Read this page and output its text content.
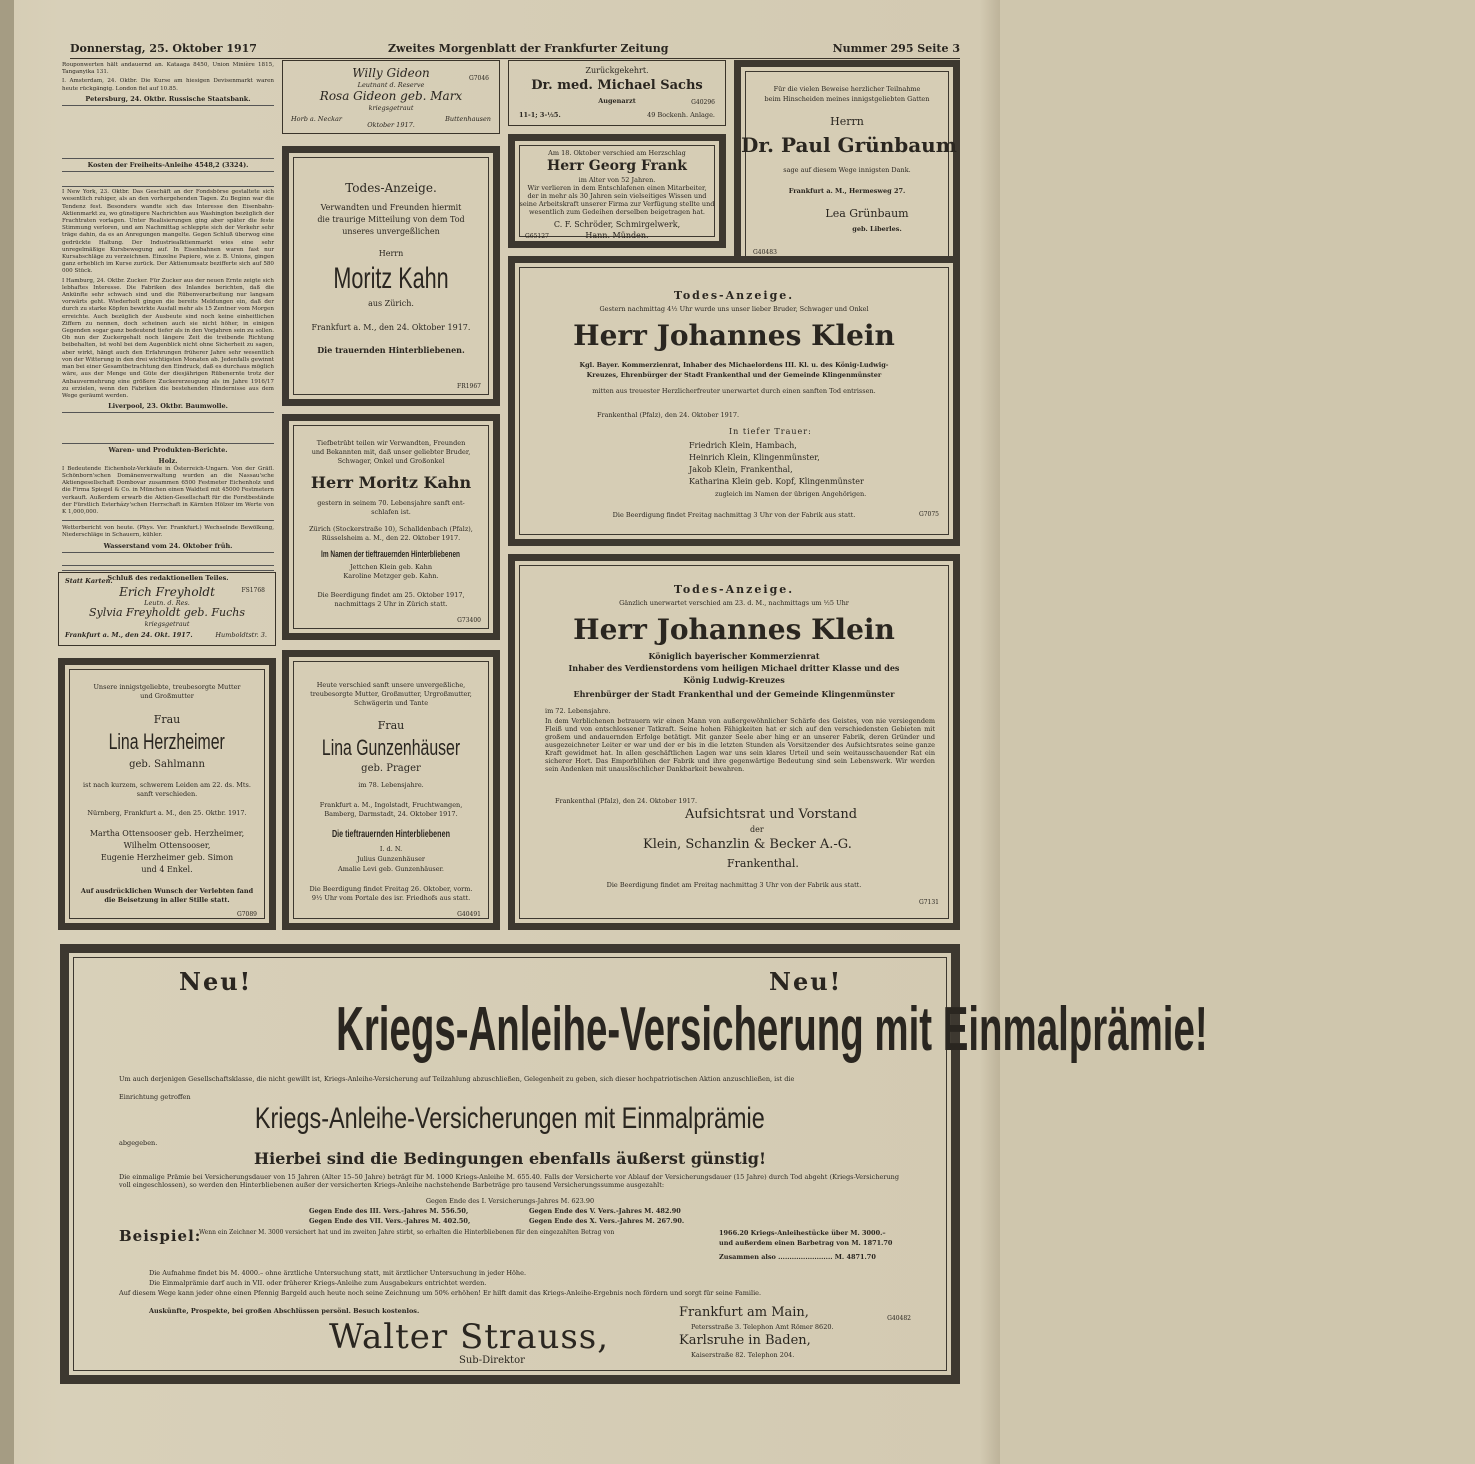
Donnerstag, 25. Oktober 1917	Zweites Morgenblatt der Frankfurter Zeitung	Nummer 295 Seite 3

Rouponwerten hält andauernd an. Kataaga 8450, Union Minière 1815, Tanganyika 131.

I. Amsterdam, 24. Oktbr. Die Kurse am hiesigen Devisenmarkt waren heute rückgängig. London fiel auf 10.85.

Petersburg, 24. Oktbr. Russische Staatsbank.

Kosten der Freiheits-Anleihe 4548,2 (3324).

I New York, 23. Oktbr. Das Geschäft an der Fondsbörse gestaltete sich wesentlich ruhiger, als an den vorhergehenden Tagen. Zu Beginn war die Tendenz fest. Besonders wandte sich das Interesse den Eisenbahn-Aktienmarkt zu, wo günstigere Nachrichten aus Washington bezüglich der Frachtraten vorlagen. Unter Realisierungen ging aber später die feste Stimmung verloren, und am Nachmittag schleppte sich der Verkehr sehr träge dahin, da es an Anregungen mangelte. Gegen Schluß überwog eine gedrückte Haltung. Der Industriealktienmarkt wies eine sehr unregelmäßige Kursbewegung auf. In Eisenbahnen waren fast nur Kursabschläge zu verzeichnen. Einzelne Papiere, wie z. B. Unions, gingen ganz erheblich im Kurse zurück. Der Aktienumsatz bezifferte sich auf 580 000 Stück.

I Hamburg, 24. Oktbr. Zucker. Für Zucker aus der neuen Ernte zeigte sich lebhaftes Interesse. Die Fabriken des Inlandes berichten, daß die Ankünfte sehr schwach sind und die Rübenverarbeitung nur langsam vorwärts geht. Wiederholt gingen die bereits Meldungen ein, daß der durch zu starke Köpfen bewirkte Ausfall mehr als 15 Zentner vom Morgen erreichte. Auch bezüglich der Ausbeute sind noch keine einheitlichen Ziffern zu nennen, doch scheinen auch sie nicht höher, in einigen Gegenden sogar ganz bedeutend tiefer als in den Vorjahren sein zu sollen. Ob nun der Zuckergehalt noch längere Zeit die treibende Richtung beibehalten, ist wohl bei dem Augenblick nicht ohne Sicherheit zu sagen, aber wirkt, hängt auch den Erfahrungen früherer Jahre sehr wesentlich von der Witterung in den drei wichtigsten Monaten ab. Jedenfalls gewinnt man bei einer Gesamtbetrachtung den Eindruck, daß es durchaus möglich wäre, aus der Menge und Güte der diesjährigen Rübenernte trotz der Anbauvermehrung eine größere Zuckererzeugung als im Jahre 1916/17 zu erzielen, wenn den Fabriken die bestehenden Hindernisse aus dem Wege geräumt werden.

Liverpool, 23. Oktbr. Baumwolle.

Waren- und Produkten-Berichte.

Holz.

I Bedeutende Eichenholz-Verkäufe in Österreich-Ungarn. Von der Gräfl. Schönborn'schen Domänenverwaltung wurden an die Nassau'sche Aktiengesellschaft Dombovar zusammen 6500 Festmeter Eichenholz und die Firma Spiegel & Co. in München einen Waldteil mit 45000 Festmetern verkauft. Außerdem erwarb die Aktien-Gesellschaft für die Forstbestände der Fürstlich Esterházy'schen Herrschaft in Kärnten Hölzer im Werte von K 1,000,000.

Wetterbericht von heute. (Phys. Ver. Frankfurt.) Wechselnde Bewölkung, Niederschläge in Schauern, kühler.

Wasserstand vom 24. Oktober früh.

Schluß des redaktionellen Teiles.

Willy Gideon
Leutnant d. Reserve
Rosa Gideon geb. Marx
kriegsgetraut
Horb a. Neckar
Oktober 1917.
Buttenhausen
G7046
Zurückgekehrt.
Dr. med. Michael Sachs
Augenarzt
11-1; 3-½5.	49 Bockenh. Anlage.
G40296
Für die vielen Beweise herzlicher Teilnahme
beim Hinscheiden meines innigstgeliebten Gatten
Herrn
Dr. Paul Grünbaum
sage auf diesem Wege innigsten Dank.
Frankfurt a. M., Hermesweg 27.
Lea Grünbaum
geb. Liberles.
G40483
Am 18. Oktober verschied am Herzschlag
Herr Georg Frank
im Alter von 52 Jahren.
Wir verlieren in dem Entschlafenen einen Mitarbeiter,
der in mehr als 30 Jahren sein vielseitiges Wissen und
seine Arbeitskraft unserer Firma zur Verfügung stellte und
wesentlich zum Gedeihen derselben beigetragen hat.
C. F. Schröder, Schmirgelwerk,
Hann. Münden.
G65127
Todes-Anzeige.
Verwandten und Freunden hiermit
die traurige Mitteilung von dem Tod
unseres unvergeßlichen
Herrn
Moritz Kahn
aus Zürich.
Frankfurt a. M., den 24. Oktober 1917.
Die trauernden Hinterbliebenen.
FR1967
Todes-Anzeige.
Gestern nachmittag 4½ Uhr wurde uns unser lieber Bruder, Schwager und Onkel
Herr Johannes Klein
Kgl. Bayer. Kommerzienrat, Inhaber des Michaelordens III. Kl. u. des König-Ludwig-
Kreuzes, Ehrenbürger der Stadt Frankenthal und der Gemeinde Klingenmünster
mitten aus treuester Herzlicherfreuter unerwartet durch einen sanften Tod entrissen.
Frankenthal (Pfalz), den 24. Oktober 1917.
In tiefer Trauer:
Friedrich Klein, Hambach,
Heinrich Klein, Klingenmünster,
Jakob Klein, Frankenthal,
Katharina Klein geb. Kopf, Klingenmünster
zugleich im Namen der übrigen Angehörigen.
Die Beerdigung findet Freitag nachmittag 3 Uhr von der Fabrik aus statt.	G7075
Tiefbetrübt teilen wir Verwandten, Freunden
und Bekannten mit, daß unser geliebter Bruder,
Schwager, Onkel und Großonkel
Herr Moritz Kahn
gestern in seinem 70. Lebensjahre sanft ent-
schlafen ist.
Zürich (Stockerstraße 10), Schalldenbach (Pfalz),
Rüsselsheim a. M., den 22. Oktober 1917.
Im Namen der tieftrauernden Hinterbliebenen
Jettchen Klein geb. Kahn
Karoline Metzger geb. Kahn.
Die Beerdigung findet am 25. Oktober 1917,
nachmittags 2 Uhr in Zürich statt.
G73400
Statt Karten.
Erich Freyholdt
Leutn. d. Res.
Sylvia Freyholdt geb. Fuchs
kriegsgetraut
Frankfurt a. M., den 24. Okt. 1917.	Humboldtstr. 3.
FS1768
Unsere innigstgeliebte, treubesorgte Mutter
und Großmutter
Frau
Lina Herzheimer
geb. Sahlmann
ist nach kurzem, schwerem Leiden am 22. ds. Mts.
sanft verschieden.
Nürnberg, Frankfurt a. M., den 25. Oktbr. 1917.
Martha Ottensooser geb. Herzheimer,
Wilhelm Ottensooser,
Eugenie Herzheimer geb. Simon
und 4 Enkel.
Auf ausdrücklichen Wunsch der Verlebten fand
die Beisetzung in aller Stille statt.
G7089
Heute verschied sanft unsere unvergeßliche,
treubesorgte Mutter, Großmutter, Urgroßmutter,
Schwägerin und Tante
Frau
Lina Gunzenhäuser
geb. Prager
im 78. Lebensjahre.
Frankfurt a. M., Ingolstadt, Fruchtwangen,
Bamberg, Darmstadt, 24. Oktober 1917.
Die tieftrauernden Hinterbliebenen
I. d. N.
Julius Gunzenhäuser
Amalie Levi geb. Gunzenhäuser.
Die Beerdigung findet Freitag 26. Oktober, vorm.
9½ Uhr vom Portale des isr. Friedhofs aus statt.
G40491
Todes-Anzeige.
Gänzlich unerwartet verschied am 23. d. M., nachmittags um ½5 Uhr
Herr Johannes Klein
Königlich bayerischer Kommerzienrat
Inhaber des Verdienstordens vom heiligen Michael dritter Klasse und des
König Ludwig-Kreuzes
Ehrenbürger der Stadt Frankenthal und der Gemeinde Klingenmünster
im 72. Lebensjahre.
In dem Verblichenen betrauern wir einen Mann von außergewöhnlicher Schärfe des Geistes, von nie versiegendem Fleiß und von entschlossener Tatkraft. Seine hohen Fähigkeiten hat er sich auf den verschiedensten Gebieten mit großem und andauernden Erfolge betätigt. Mit ganzer Seele aber hing er an unserer Fabrik, deren Gründer und ausgezeichneter Leiter er war und der er bis in die letzten Stunden als Vorsitzender des Aufsichtsrates seine ganze Kraft gewidmet hat. In allen geschäftlichen Lagen war uns sein klares Urteil und sein weitausschauender Rat ein sicherer Hort. Das Emporblühen der Fabrik und ihre gegenwärtige Bedeutung sind sein Lebenswerk. Wir werden sein Andenken mit unauslöschlicher Dankbarkeit bewahren.
Frankenthal (Pfalz), den 24. Oktober 1917.
Aufsichtsrat und Vorstand
der
Klein, Schanzlin & Becker A.-G.
Frankenthal.
Die Beerdigung findet am Freitag nachmittag 3 Uhr von der Fabrik aus statt.
G7131
Neu!	Neu!
Kriegs-Anleihe-Versicherung mit Einmalprämie!
Um auch derjenigen Gesellschaftsklasse, die nicht gewillt ist, Kriegs-Anleihe-Versicherung auf Teilzahlung abzuschließen, Gelegenheit zu geben, sich dieser hochpatriotischen Aktion anzuschließen, ist die
Einrichtung getroffen
Kriegs-Anleihe-Versicherungen mit Einmalprämie
abgegeben.
Hierbei sind die Bedingungen ebenfalls äußerst günstig!
Die einmalige Prämie bei Versicherungsdauer von 15 Jahren (Alter 15–50 Jahre) beträgt für M. 1000 Kriegs-Anleihe M. 655.40. Falls der Versicherte vor Ablauf der Versicherungsdauer (15 Jahre) durch Tod abgeht (Kriegs-Versicherung voll eingeschlossen), so werden den Hinterbliebenen außer der versicherten Kriegs-Anleihe nachstehende Barbeträge pro tausend Versicherungssumme ausgezahlt:
Gegen Ende des I. Versicherungs-Jahres M. 623.90
Gegen Ende des III. Vers.-Jahres M. 556.50,	Gegen Ende des V. Vers.-Jahres M. 482.90
Gegen Ende des VII. Vers.-Jahres M. 402.50,	Gegen Ende des X. Vers.-Jahres M. 267.90.
Beispiel:
Wenn ein Zeichner M. 3000 versichert hat und im zweiten Jahre stirbt, so erhalten die Hinterbliebenen für den eingezahlten Betrag von	1966.20 Kriegs-Anleihestücke über M. 3000.–
und außerdem einen Barbetrag von M. 1871.70
Zusammen also ........................ M. 4871.70
Die Aufnahme findet bis M. 4000.– ohne ärztliche Untersuchung statt, mit ärztlicher Untersuchung in jeder Höhe.
Die Einmalprämie darf auch in VII. oder früherer Kriegs-Anleihe zum Ausgabekurs entrichtet werden.
Auf diesem Wege kann jeder ohne einen Pfennig Bargeld auch heute noch seine Zeichnung um 50% erhöhen! Er hilft damit das Kriegs-Anleihe-Ergebnis noch fördern und sorgt für seine Familie.
Auskünfte, Prospekte, bei großen Abschlüssen persönl. Besuch kostenlos.
G40482
Walter Strauss,
Sub-Direktor
Frankfurt am Main,
Petersstraße 3. Telephon Amt Römer 8620.
Karlsruhe in Baden,
Kaiserstraße 82. Telephon 204.
